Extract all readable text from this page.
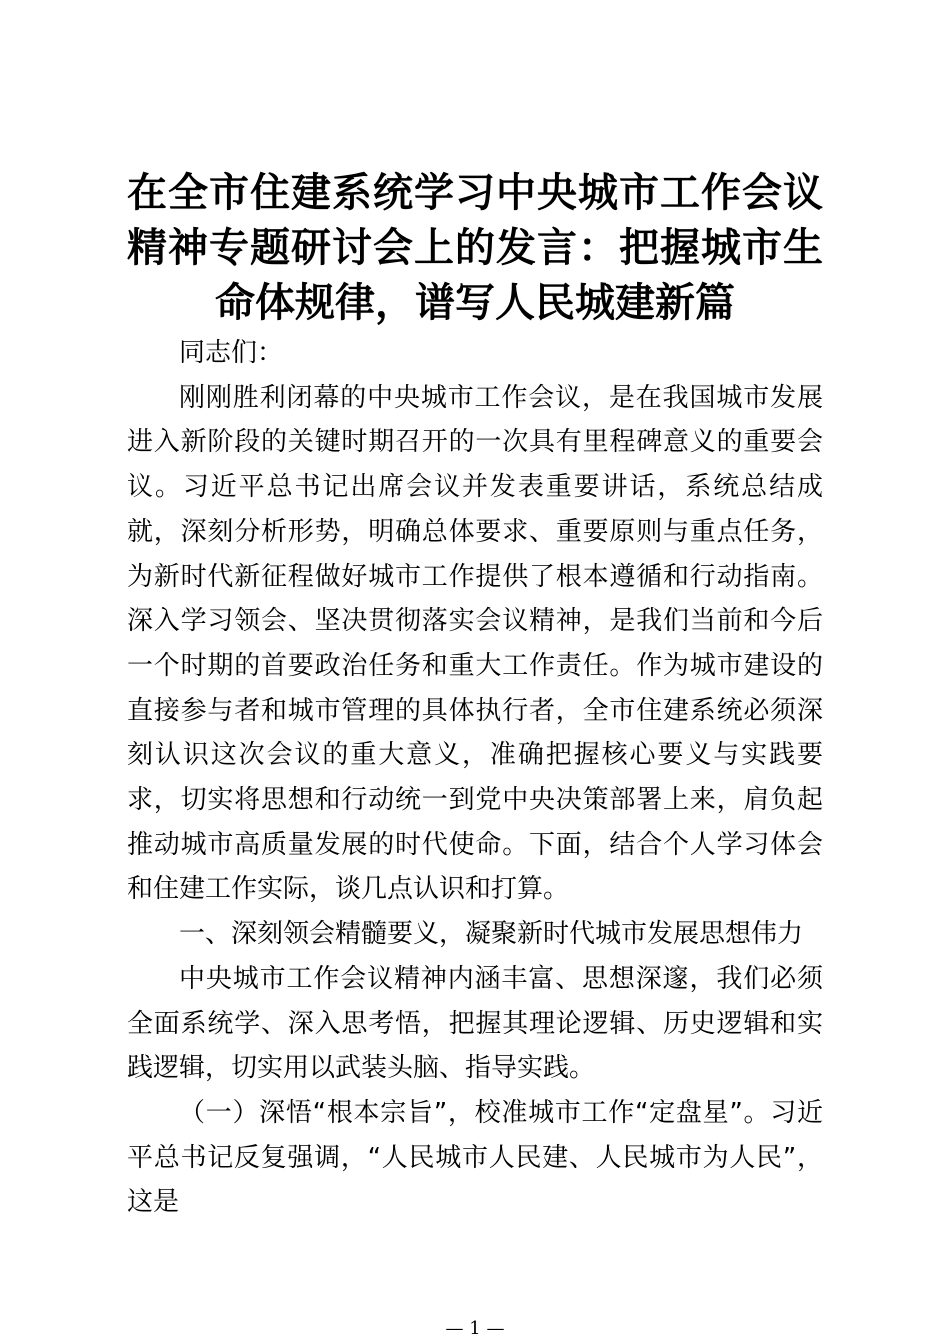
在全市住建系统学习中央城市工作会议精神专题研讨会上的发言：把握城市生命体规律，谱写人民城建新篇

同志们：

刚刚胜利闭幕的中央城市工作会议，是在我国城市发展进入新阶段的关键时期召开的一次具有里程碑意义的重要会议。习近平总书记出席会议并发表重要讲话，系统总结成就，深刻分析形势，明确总体要求、重要原则与重点任务，为新时代新征程做好城市工作提供了根本遵循和行动指南。深入学习领会、坚决贯彻落实会议精神，是我们当前和今后一个时期的首要政治任务和重大工作责任。作为城市建设的直接参与者和城市管理的具体执行者，全市住建系统必须深刻认识这次会议的重大意义，准确把握核心要义与实践要求，切实将思想和行动统一到党中央决策部署上来，肩负起推动城市高质量发展的时代使命。下面，结合个人学习体会和住建工作实际，谈几点认识和打算。

一、深刻领会精髓要义，凝聚新时代城市发展思想伟力

中央城市工作会议精神内涵丰富、思想深邃，我们必须全面系统学、深入思考悟，把握其理论逻辑、历史逻辑和实践逻辑，切实用以武装头脑、指导实践。

（一）深悟“根本宗旨”，校准城市工作“定盘星”。习近平总书记反复强调，“人民城市人民建、人民城市为人民”，这是

— 1 —
